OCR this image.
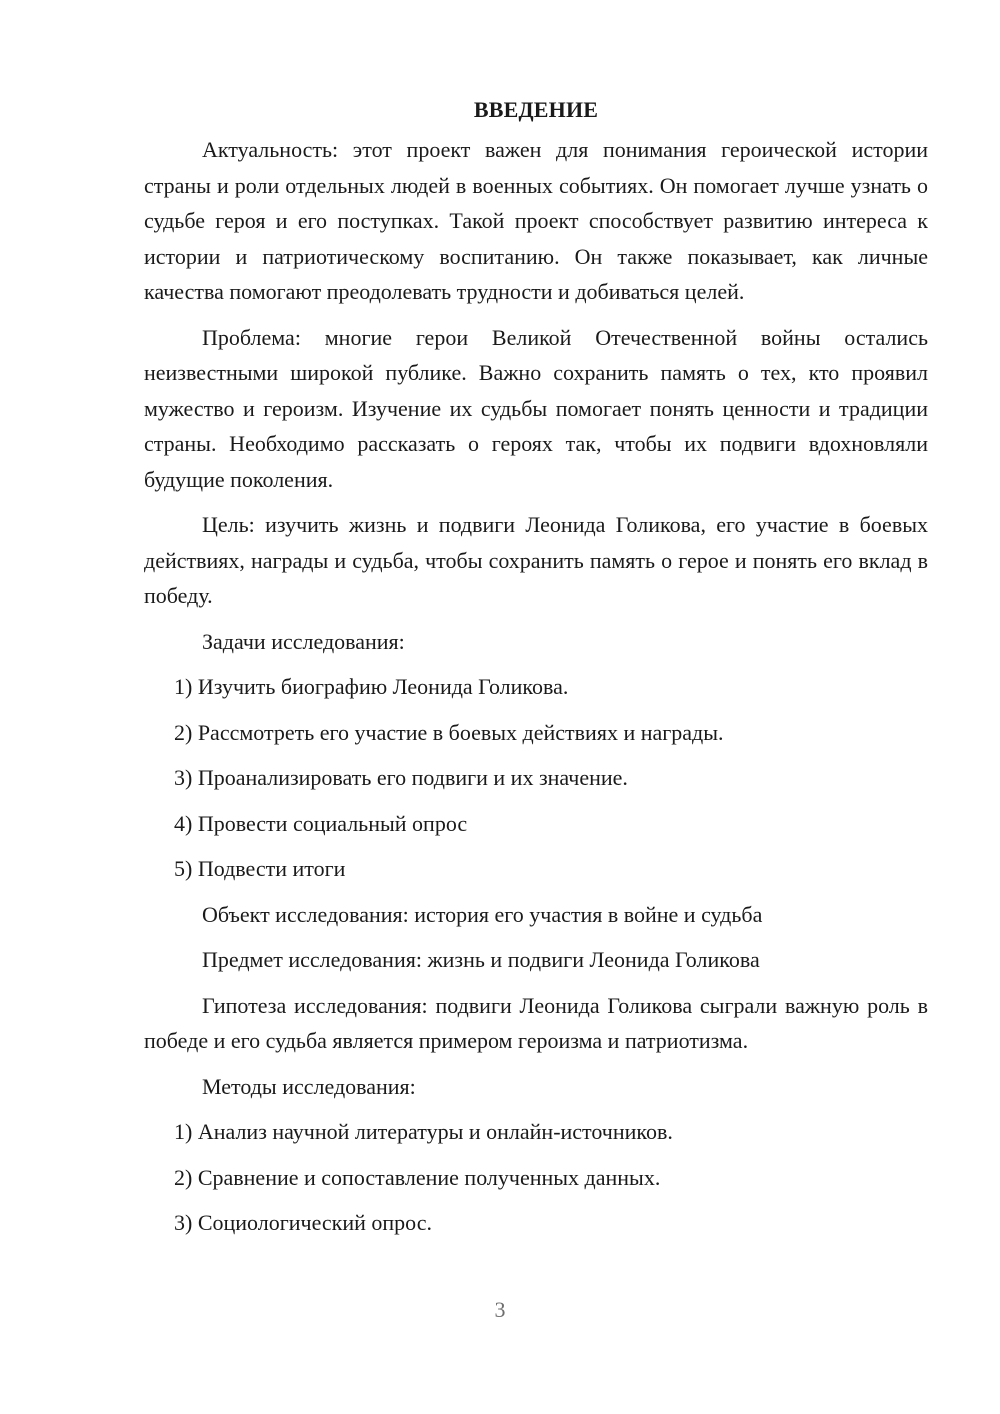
ВВЕДЕНИЕ

Актуальность: этот проект важен для понимания героической истории страны и роли отдельных людей в военных событиях. Он помогает лучше узнать о судьбе героя и его поступках. Такой проект способствует развитию интереса к истории и патриотическому воспитанию. Он также показывает, как личные качества помогают преодолевать трудности и добиваться целей.

Проблема: многие герои Великой Отечественной войны остались неизвестными широкой публике. Важно сохранить память о тех, кто проявил мужество и героизм. Изучение их судьбы помогает понять ценности и традиции страны. Необходимо рассказать о героях так, чтобы их подвиги вдохновляли будущие поколения.

Цель: изучить жизнь и подвиги Леонида Голикова, его участие в боевых действиях, награды и судьба, чтобы сохранить память о герое и понять его вклад в победу.

Задачи исследования:

1) Изучить биографию Леонида Голикова.
2) Рассмотреть его участие в боевых действиях и награды.
3) Проанализировать его подвиги и их значение.
4) Провести социальный опрос
5) Подвести итоги

Объект исследования: история его участия в войне и судьба

Предмет исследования: жизнь и подвиги Леонида Голикова

Гипотеза исследования: подвиги Леонида Голикова сыграли важную роль в победе и его судьба является примером героизма и патриотизма.

Методы исследования:

1) Анализ научной литературы и онлайн-источников.
2) Сравнение и сопоставление полученных данных.
3) Социологический опрос.
3
